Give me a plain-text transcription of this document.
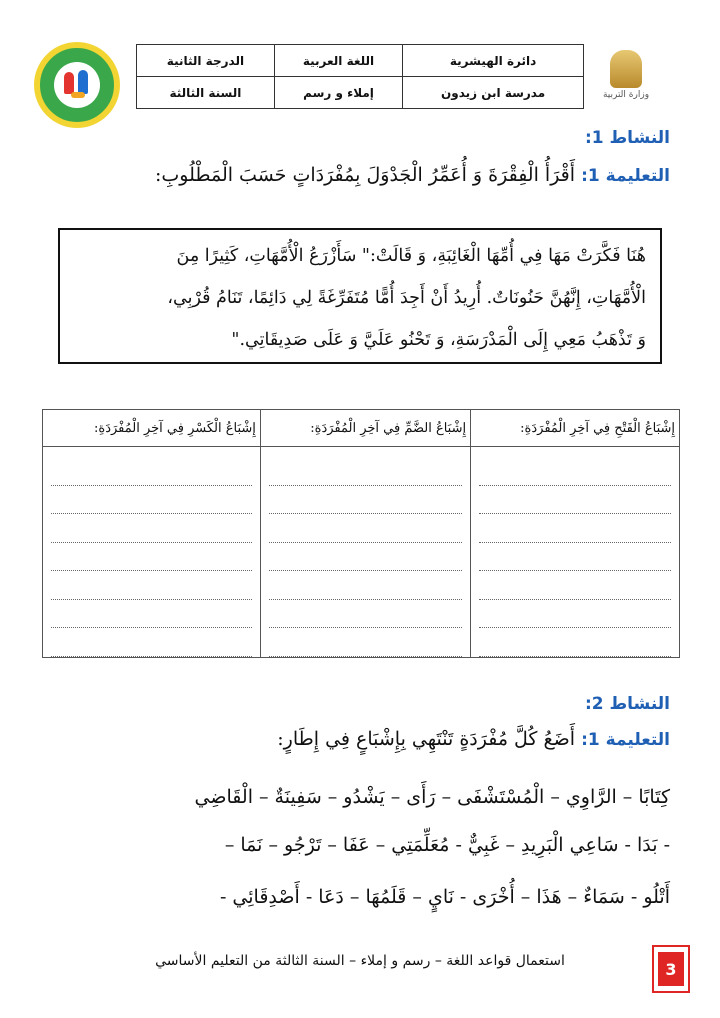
دائرة الهيشرية	اللغة العربية	الدرجة الثانية
مدرسة ابن زيدون	إملاء و رسم	السنة الثالثة	وزارة التربية
النشاط 1:
التعليمة 1: أَقْرَأُ الْفِقْرَةَ وَ أُعَمِّرُ الْجَدْوَلَ بِمُفْرَدَاتٍ حَسَبَ الْمَطْلُوبِ:
هُنَا فَكَّرَتْ مَهَا فِي أُمِّهَا الْغَائِبَةِ، وَ قَالَتْ:" سَأَزْرَعُ الْأُمَّهَاتِ، كَثِيرًا مِنَ
الْأُمَّهَاتِ، إِنَّهُنَّ حَنُونَاتٌ. أُرِيدُ أَنْ أَجِدَ أُمًّا مُتَفَرِّغَةً لِي دَائِمًا، تَنَامُ قُرْبِي،
وَ تَذْهَبُ مَعِي إِلَى الْمَدْرَسَةِ، وَ تَحْنُو عَلَيَّ وَ عَلَى صَدِيقَاتِي."
إِشْبَاعُ الْفَتْحِ فِي آخِرِ الْمُفْرَدَةِ:	إِشْبَاعُ الضَّمِّ فِي آخِرِ الْمُفْرَدَةِ:	إِشْبَاعُ الْكَسْرِ فِي آخِرِ الْمُفْرَدَةِ:

النشاط 2:
التعليمة 1: أَضَعُ كُلَّ مُفْرَدَةٍ تَنْتَهِي بِإِشْبَاعٍ فِي إِطَارٍ:
كِتَابًا – الرَّاوِي – الْمُسْتَشْفَى – رَأَى – يَشْدُو – سَفِينَةٌ – الْقَاضِي
- بَدَا - سَاعِي الْبَرِيدِ – غَبِيٌّ - مُعَلِّمَتِي – عَفَا – تَرْجُو – نَمَا –
أَتْلُو - سَمَاءٌ – هَذَا – أُخْرَى - نَايٍ – قَلَمُهَا – دَعَا - أَصْدِقَائِي -
استعمال قواعد اللغة – رسم و إملاء – السنة الثالثة من التعليم الأساسي	3
